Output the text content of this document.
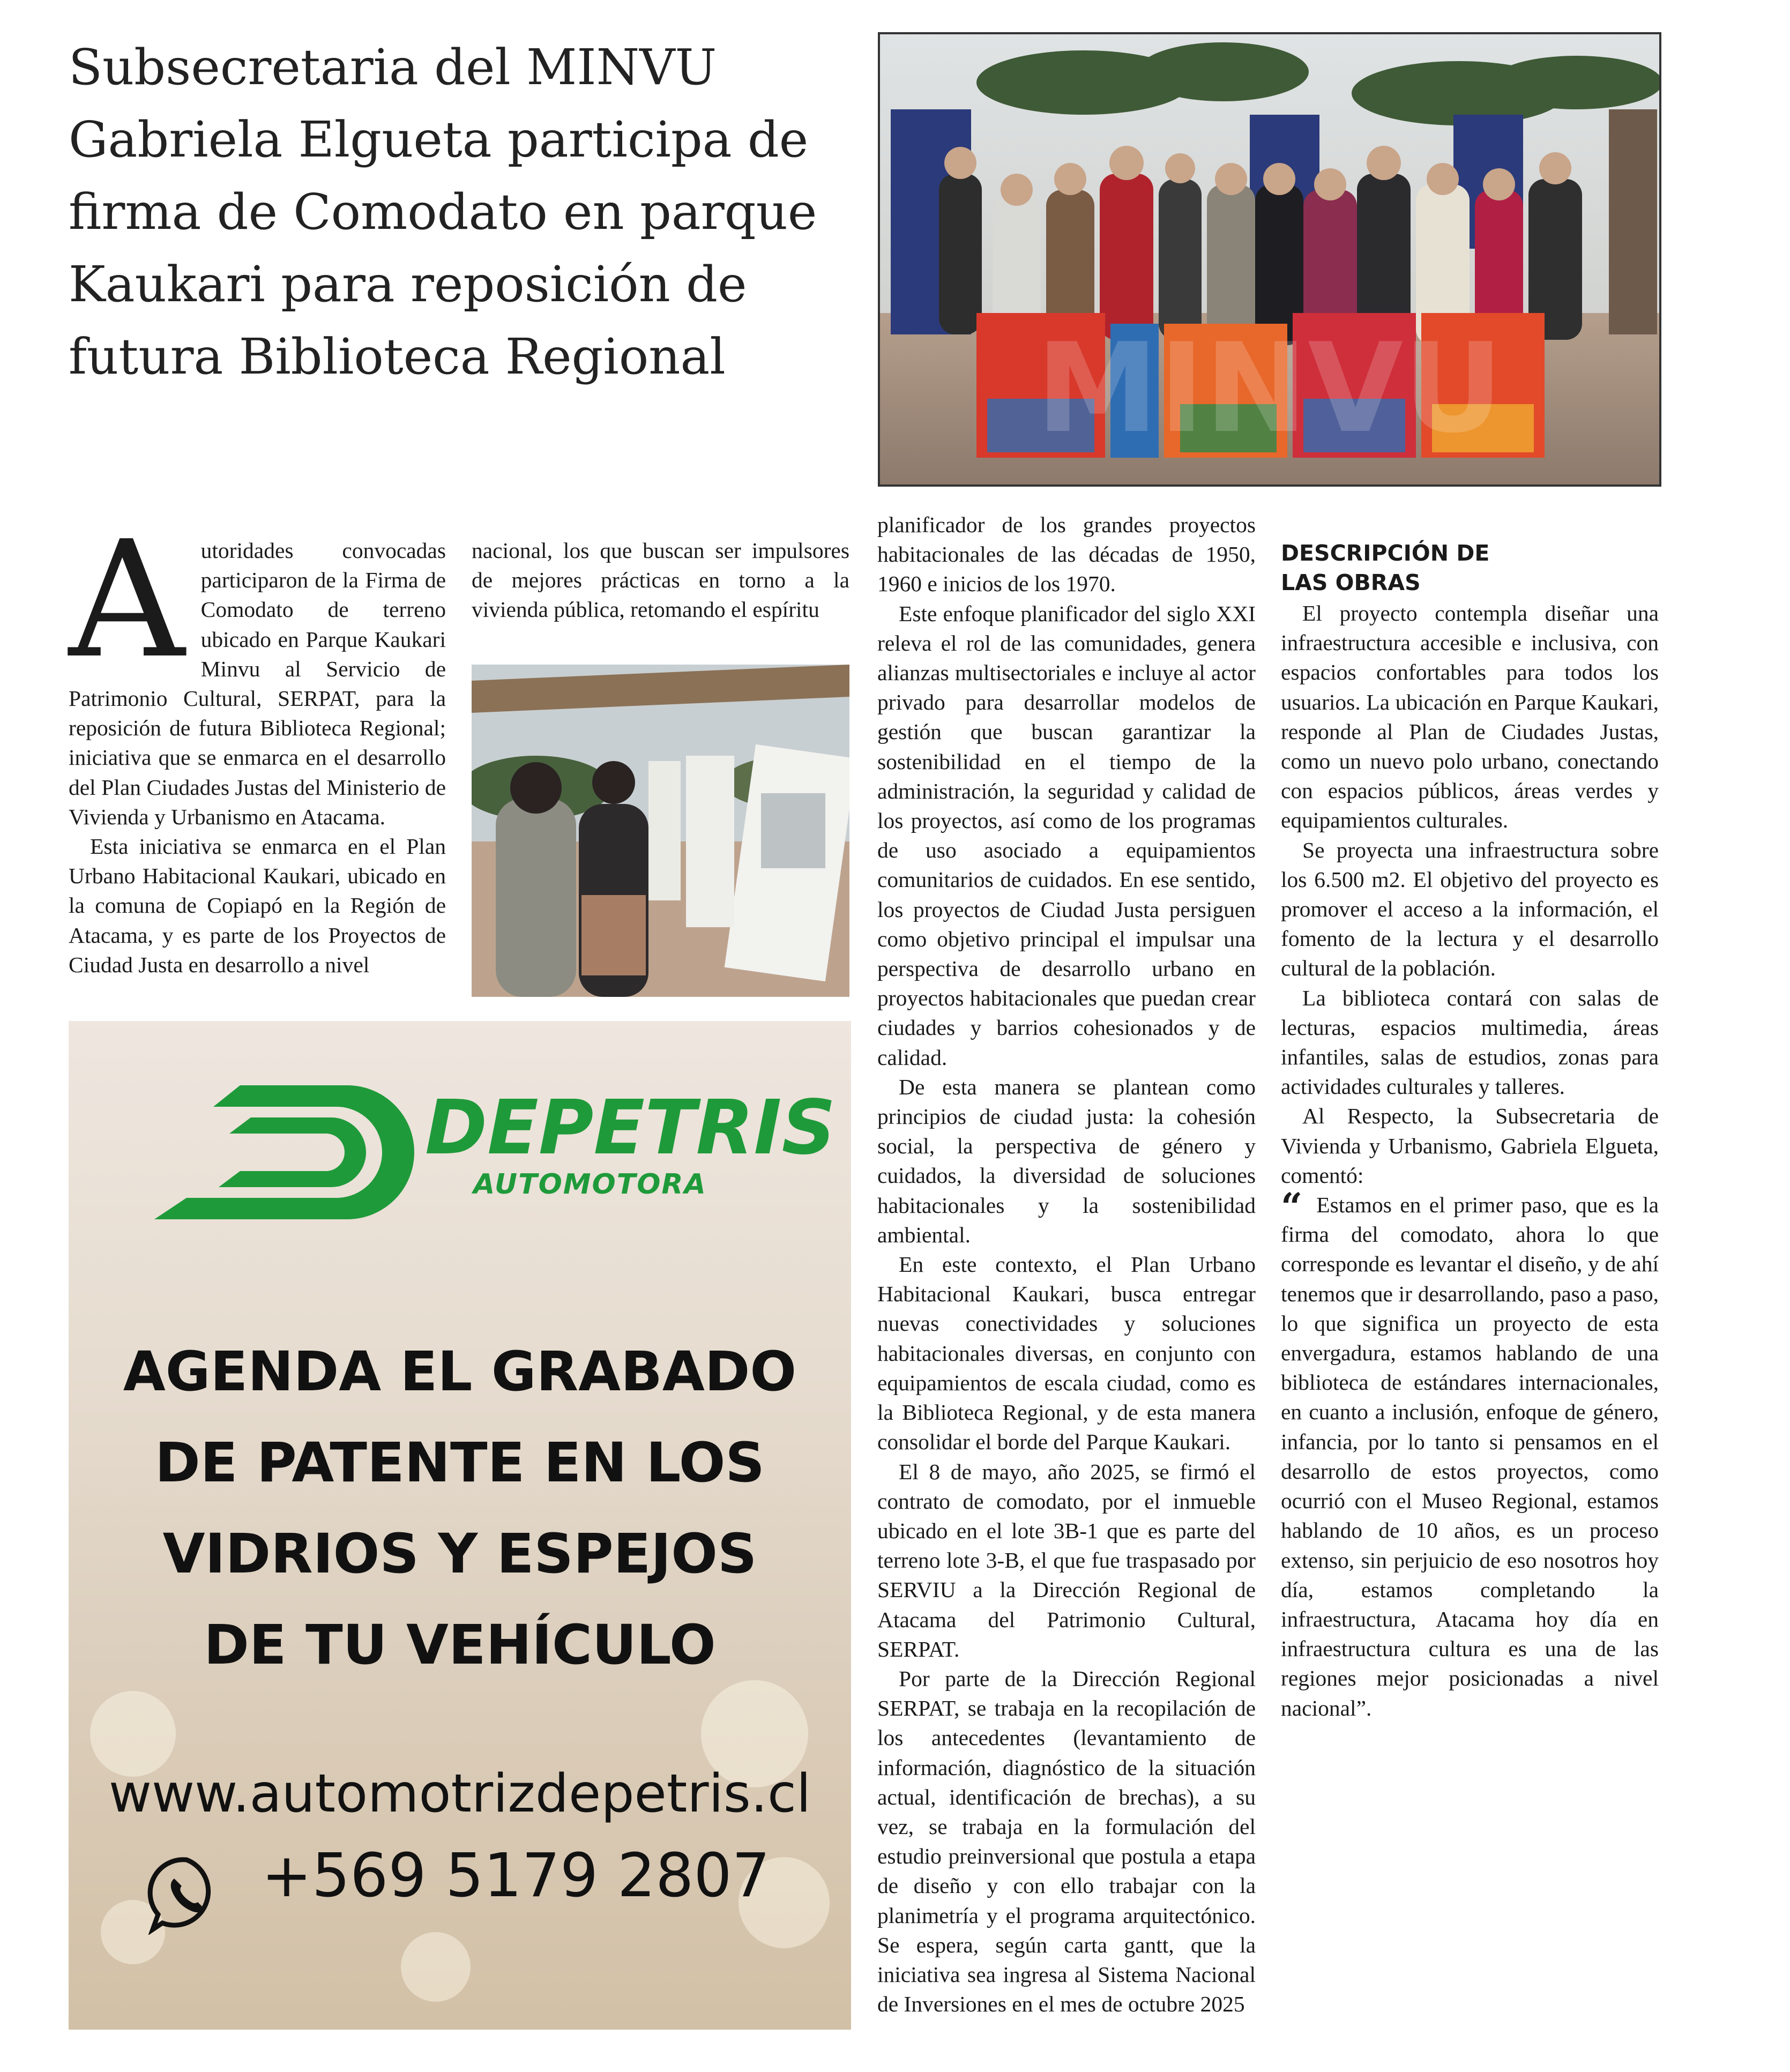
Subsecretaria del MINVU Gabriela Elgueta participa de firma de Comodato en parque Kaukari para reposición de futura Biblioteca Regional	MINVU
A utoridades convocadas participaron de la Firma de Comodato de terreno ubicado en Parque Kaukari Minvu al Servicio de Patrimonio Cultural, SERPAT, para la reposición de futura Biblioteca Regional; iniciativa que se enmarca en el desarrollo del Plan Ciudades Justas del Ministerio de Vivienda y Urbanismo en Atacama.

Esta iniciativa se enmarca en el Plan Urbano Habitacional Kaukari, ubicado en la comuna de Copiapó en la Región de Atacama, y es parte de los Proyectos de Ciudad Justa en desarrollo a nivel

nacional, los que buscan ser impulsores de mejores prácticas en torno a la vivienda pública, retomando el espíritu

planificador de los grandes proyectos habitacionales de las décadas de 1950, 1960 e inicios de los 1970.

Este enfoque planificador del siglo XXI releva el rol de las comunidades, genera alianzas multisectoriales e incluye al actor privado para desarrollar modelos de gestión que buscan garantizar la sostenibilidad en el tiempo de la administración, la seguridad y calidad de los proyectos, así como de los programas de uso asociado a equipamientos comunitarios de cuidados. En ese sentido, los proyectos de Ciudad Justa persiguen como objetivo principal el impulsar una perspectiva de desarrollo urbano en proyectos habitacionales que puedan crear ciudades y barrios cohesionados y de calidad.

De esta manera se plantean como principios de ciudad justa: la cohesión social, la perspectiva de género y cuidados, la diversidad de soluciones habitacionales y la sostenibilidad ambiental.

En este contexto, el Plan Urbano Habitacional Kaukari, busca entregar nuevas conectividades y soluciones habitacionales diversas, en conjunto con equipamientos de escala ciudad, como es la Biblioteca Regional, y de esta manera consolidar el borde del Parque Kaukari.

El 8 de mayo, año 2025, se firmó el contrato de comodato, por el inmueble ubicado en el lote 3B-1 que es parte del terreno lote 3-B, el que fue traspasado por SERVIU a la Dirección Regional de Atacama del Patrimonio Cultural, SERPAT.

Por parte de la Dirección Regional SERPAT, se trabaja en la recopilación de los antecedentes (levantamiento de información, diagnóstico de la situación actual, identificación de brechas), a su vez, se trabaja en la formulación del estudio preinversional que postula a etapa de diseño y con ello trabajar con la planimetría y el programa arquitectónico. Se espera, según carta gantt, que la iniciativa sea ingresa al Sistema Nacional de Inversiones en el mes de octubre 2025

DESCRIPCIÓN DE LAS OBRAS

El proyecto contempla diseñar una infraestructura accesible e inclusiva, con espacios confortables para todos los usuarios. La ubicación en Parque Kaukari, responde al Plan de Ciudades Justas, como un nuevo polo urbano, conectando con espacios públicos, áreas verdes y equipamientos culturales.

Se proyecta una infraestructura sobre los 6.500 m2. El objetivo del proyecto es promover el acceso a la información, el fomento de la lectura y el desarrollo cultural de la población.

La biblioteca contará con salas de lecturas, espacios multimedia, áreas infantiles, salas de estudios, zonas para actividades culturales y talleres.

Al Respecto, la Subsecretaria de Vivienda y Urbanismo, Gabriela Elgueta, comentó:

“ Estamos en el primer paso, que es la firma del comodato, ahora lo que corresponde es levantar el diseño, y de ahí tenemos que ir desarrollando, paso a paso, lo que significa un proyecto de esta envergadura, estamos hablando de una biblioteca de estándares internacionales, en cuanto a inclusión, enfoque de género, infancia, por lo tanto si pensamos en el desarrollo de estos proyectos, como ocurrió con el Museo Regional, estamos hablando de 10 años, es un proceso extenso, sin perjuicio de eso nosotros hoy día, estamos completando la infraestructura, Atacama hoy día en infraestructura cultura es una de las regiones mejor posicionadas a nivel nacional”.

DEPETRIS
AUTOMOTORA
AGENDA EL GRABADO
DE PATENTE EN LOS
VIDRIOS Y ESPEJOS
DE TU VEHÍCULO
www.automotrizdepetris.cl
+569 5179 2807
